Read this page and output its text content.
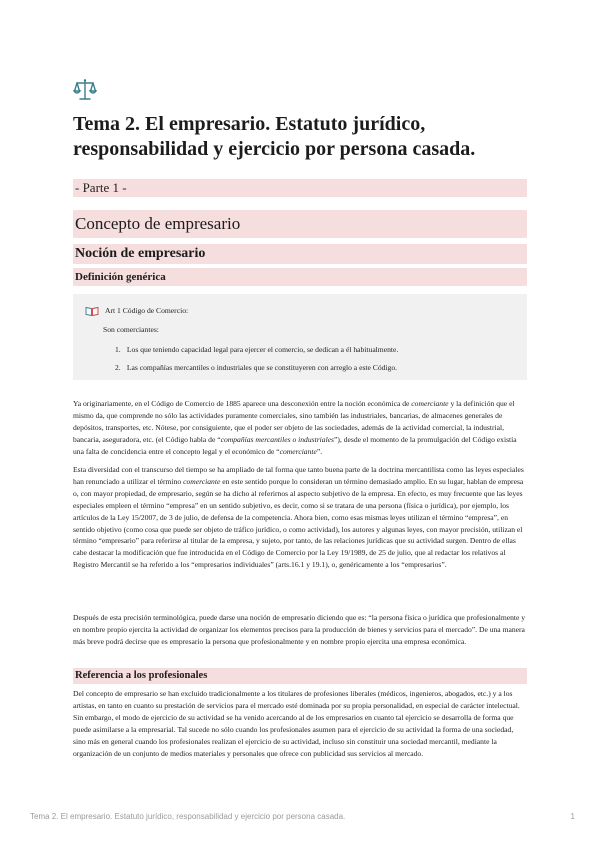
Tema 2. El empresario. Estatuto jurídico, responsabilidad y ejercicio por persona casada.
- Parte 1 -
Concepto de empresario
Noción de empresario
Definición genérica
Art 1 Código de Comercio:
Son comerciantes:
1. Los que teniendo capacidad legal para ejercer el comercio, se dedican a él habitualmente.
2. Las compañías mercantiles o industriales que se constituyeren con arreglo a este Código.

Ya originariamente, en el Código de Comercio de 1885 aparece una desconexión entre la noción económica de comerciante y la definición que el mismo da, que comprende no sólo las actividades puramente comerciales, sino también las industriales, bancarias, de almacenes generales de depósitos, transportes, etc. Nótese, por consiguiente, que el poder ser objeto de las sociedades, además de la actividad comercial, la industrial, bancaria, aseguradora, etc. (el Código habla de “compañías mercantiles o industriales”), desde el momento de la promulgación del Código existía una falta de concidencia entre el concepto legal y el económico de “comerciante”.

Esta diversidad con el transcurso del tiempo se ha ampliado de tal forma que tanto buena parte de la doctrina mercantilista como las leyes especiales han renunciado a utilizar el término comerciante en este sentido porque lo consideran un término demasiado amplio. En su lugar, hablan de empresa o, con mayor propiedad, de empresario, según se ha dicho al referirnos al aspecto subjetivo de la empresa. En efecto, es muy frecuente que las leyes especiales empleen el término “empresa” en un sentido subjetivo, es decir, como si se tratara de una persona (física o jurídica), por ejemplo, los artículos de la Ley 15/2007, de 3 de julio, de defensa de la competencia. Ahora bien, como esas mismas leyes utilizan el término “empresa”, en sentido objetivo (como cosa que puede ser objeto de tráfico jurídico, o como actividad), los autores y algunas leyes, con mayor precisión, utilizan el término “empresario” para referirse al titular de la empresa, y sujeto, por tanto, de las relaciones jurídicas que su actividad surgen. Dentro de ellas cabe destacar la modificación que fue introducida en el Código de Comercio por la Ley 19/1989, de 25 de julio, que al redactar los relativos al Registro Mercantil se ha referido a los “empresarios individuales” (arts.16.1 y 19.1), o, genéricamente a los “empresarios”.

Después de esta precisión terminológica, puede darse una noción de empresario diciendo que es: “la persona física o jurídica que profesionalmente y en nombre propio ejercita la actividad de organizar los elementos precisos para la producción de bienes y servicios para el mercado”. De una manera más breve podrá decirse que es empresario la persona que profesionalmente y en nombre propio ejercita una empresa económica.

Referencia a los profesionales

Del concepto de empresario se han excluido tradicionalmente a los titulares de profesiones liberales (médicos, ingenieros, abogados, etc.) y a los artistas, en tanto en cuanto su prestación de servicios para el mercado esté dominada por su propia personalidad, en especial de carácter intelectual. Sin embargo, el modo de ejercicio de su actividad se ha venido acercando al de los empresarios en cuanto tal ejercicio se desarrolla de forma que puede asimilarse a la empresarial. Tal sucede no sólo cuando los profesionales asumen para el ejercicio de su actividad la forma de una sociedad, sino más en general cuando los profesionales realizan el ejercicio de su actividad, incluso sin constituir una sociedad mercantil, mediante la organización de un conjunto de medios materiales y personales que ofrece con publicidad sus servicios al mercado.

Tema 2. El empresario. Estatuto jurídico, responsabilidad y ejercicio por persona casada.	1
